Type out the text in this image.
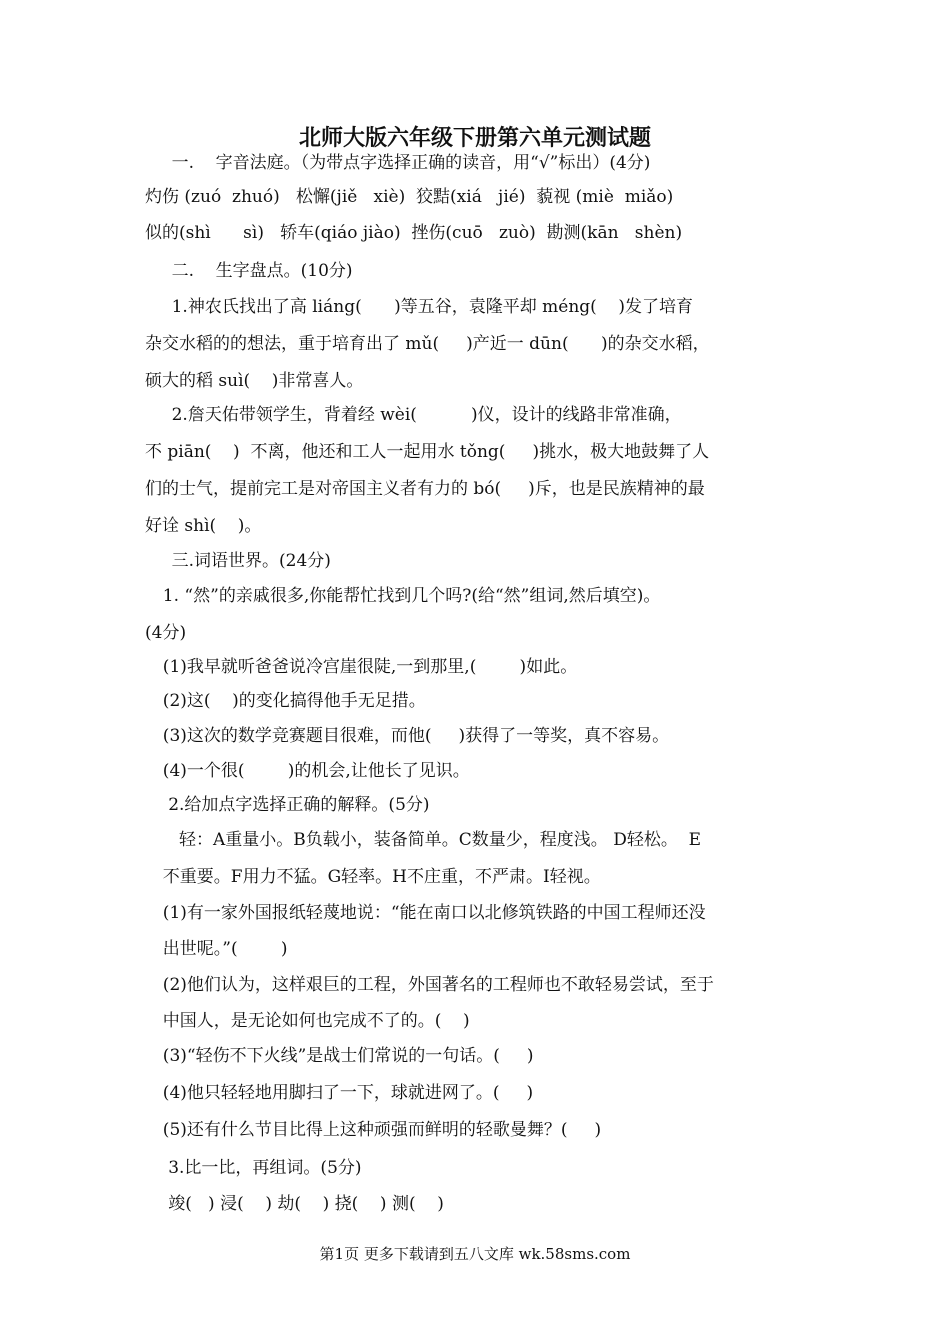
北师大版六年级下册第六单元测试题
一.    字音法庭。（为带点字选择正确的读音，用“√”标出）(4分)
灼伤 (zuó  zhuó)   松懈(jiě   xiè)  狡黠(xiá   jié)  藐视 (miè  miǎo)
似的(shì      sì)   轿车(qiáo jiào)  挫伤(cuō   zuò)  勘测(kān   shèn)
二.    生字盘点。(10分)
1.神农氏找出了高 liáng(      )等五谷，袁隆平却 méng(    )发了培育
杂交水稻的的想法，重于培育出了 mǔ(     )产近一 dūn(      )的杂交水稻，
硕大的稻 suì(    )非常喜人。
2.詹天佑带领学生，背着经 wèi(          )仪，设计的线路非常准确，
不 piān(    )  不离，他还和工人一起用水 tǒng(     )挑水，极大地鼓舞了人
们的士气，提前完工是对帝国主义者有力的 bó(     )斥，也是民族精神的最
好诠 shì(    )。
三.词语世界。(24分)
1. “然”的亲戚很多,你能帮忙找到几个吗?(给“然”组词,然后填空)。
(4分)
(1)我早就听爸爸说冷宫崖很陡,一到那里,(        )如此。
(2)这(    )的变化搞得他手无足措。
(3)这次的数学竞赛题目很难，而他(     )获得了一等奖，真不容易。
(4)一个很(        )的机会,让他长了见识。
2.给加点字选择正确的解释。(5分)
轻：A重量小。B负载小，装备简单。C数量少，程度浅。 D轻松。  E
不重要。F用力不猛。G轻率。H不庄重，不严肃。I轻视。
(1)有一家外国报纸轻蔑地说：“能在南口以北修筑铁路的中国工程师还没
出世呢。”(        )
(2)他们认为，这样艰巨的工程，外国著名的工程师也不敢轻易尝试，至于
中国人，是无论如何也完成不了的。(    )
(3)“轻伤不下火线”是战士们常说的一句话。(     )
(4)他只轻轻地用脚扫了一下，球就进网了。(     )
(5)还有什么节目比得上这种顽强而鲜明的轻歌曼舞？(     )
3.比一比，再组词。(5分)
竣(   ) 浸(    ) 劫(    ) 挠(    ) 测(    )
第1页 更多下载请到五八文库 wk.58sms.com
